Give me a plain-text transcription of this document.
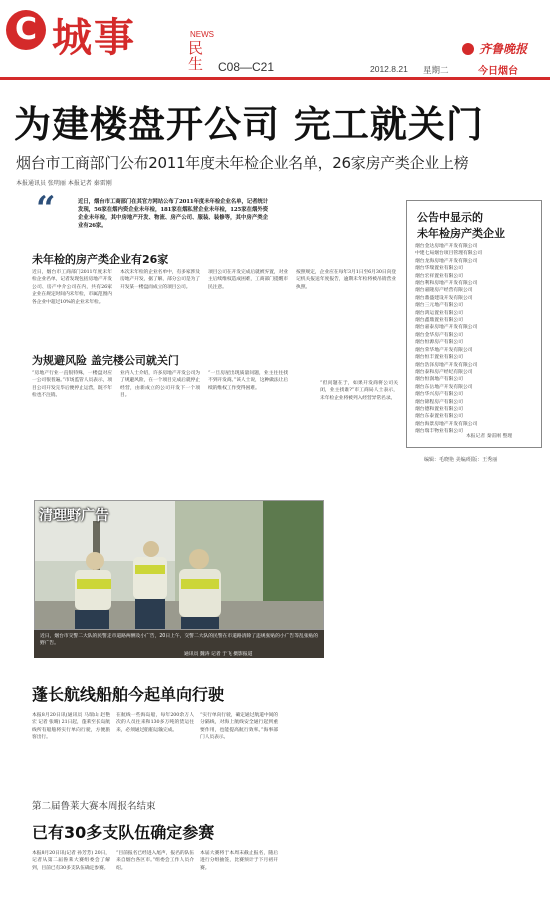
C 城事	NEWS
民生 C08—C21	2012.8.21 星期二
齐鲁晚报
今日烟台
为建楼盘开公司 完工就关门
烟台市工商部门公布2011年度未年检企业名单，26家房产类企业上榜
本报通讯员 张明丽 本报记者 秦雷刚
“	近日，烟台市工商部门在其官方网站公布了2011年度未年检企业名单，记者统计发现，56家在烟内资企业未年检，181家在烟私营企业未年检，125家在烟外资企业未年检，其中房地产开发、物流、房产公司、服装、装修等，其中房产类企业有26家。
未年检的房产类企业有26家
近日，烟台市工商部门2011年度未年检企业名单，记者发现包括房地产开发公司、房产中介公司在内，共有26家企业在规定时间内未年检，市属范围内各企业中超过10%的企业未年检。
本次未年检的企业名单中，有多家涉及房地产开发，据了解，部分公司是为了开发某一楼盘而成立的项目公司。
项目公司在开发完成后就被弃置，对业主后续维权造成困难，工商部门提醒市民注意。
按照规定，企业应在每年3月1日至6月30日向登记机关报送年度报告，逾期未年检将被吊销营业执照。
为规避风险 盖完楼公司就关门
“房地产行业一直很特殊，一楼盘对应一公司很普遍。”市场监管人员表示，项目公司开发完毕后便停止运营，既不年检也不注销。
业内人士介绍，许多房地产开发公司为了规避风险，在一个项目完成后就停止经营，由新成立的公司开发下一个项目。
“一旦房屋出现质量问题，业主往往找不到开发商。”该人士说，这种做法让后续的维权工作变得困难。
“但问题在于，如果开发商将公司关闭，业主找谁?”市工商局人士表示，未年检企业将被列入经营异常名录。
公告中显示的
未年检房产类企业
烟台金达房地产开发有限公司
中建七局烟台项目管理有限公司
烟台龙海房地产开发有限公司
烟台华瑞置业有限公司
烟台宏祥置业有限公司
烟台利和房地产开发有限公司
烟台嘉隆房产经营有限公司
烟台鼎盛建设开发有限公司
烟台三元地产有限公司
烟台鸿运置业有限公司
烟台鑫鼎置业有限公司
烟台嘉泰房地产开发有限公司
烟台金华房产有限公司
烟台恒源房产有限公司
烟台荣华地产开发有限公司
烟台恒丰置业有限公司
烟台浩泽房地产开发有限公司
烟台泰和房产经纪有限公司
烟台恒润地产有限公司
烟台东岳地产开发有限公司
烟台华兴房产有限公司
烟台锦程房产有限公司
烟台德和置业有限公司
烟台东泰置业有限公司
烟台海景房地产开发有限公司
烟台瑞丰物业有限公司
本报记者 秦雷刚 整理
编辑：毛晓艳 美编/组版：王秀丽
清理野广告
近日，烟台市交警二大队的民警走市道路两侧及小广告，20日上午，交警二大队的民警在市道路清除了违规张贴的小广告等乱张贴的野广告。
通讯员 魏涛 记者 于飞 摄影报道
蓬长航线船舶今起单向行驶
本报8月20日讯(通讯员 马瑞山 赵艳宏 记者 张晴) 21日起，蓬莱至长岛航线所有船舶将实行单向行驶，方便旅客出行。
在航线一些海岛船，每年200余万人次的人员往来和130多万吨的货运往来，必须通过船舶运输完成。
“实行单向行驶，确定通过航道中间的分隔线，对海上航线安全通行起到重要作用，也能提高航行效率。”海事部门人员表示。
第二届鲁莱大赛本周报名结束
已有30多支队伍确定参赛
本报8月20日讯(记者 孙芳芳) 20日，记者从第二届鲁莱大赛组委会了解到，目前已有30多支队伍确定参赛。
“目前报名已经进入尾声，报名的队伍来自烟台各区市。”组委会工作人员介绍。
本届大赛将于本周末截止报名，随后进行分组抽签，比赛预计于下月初开赛。
